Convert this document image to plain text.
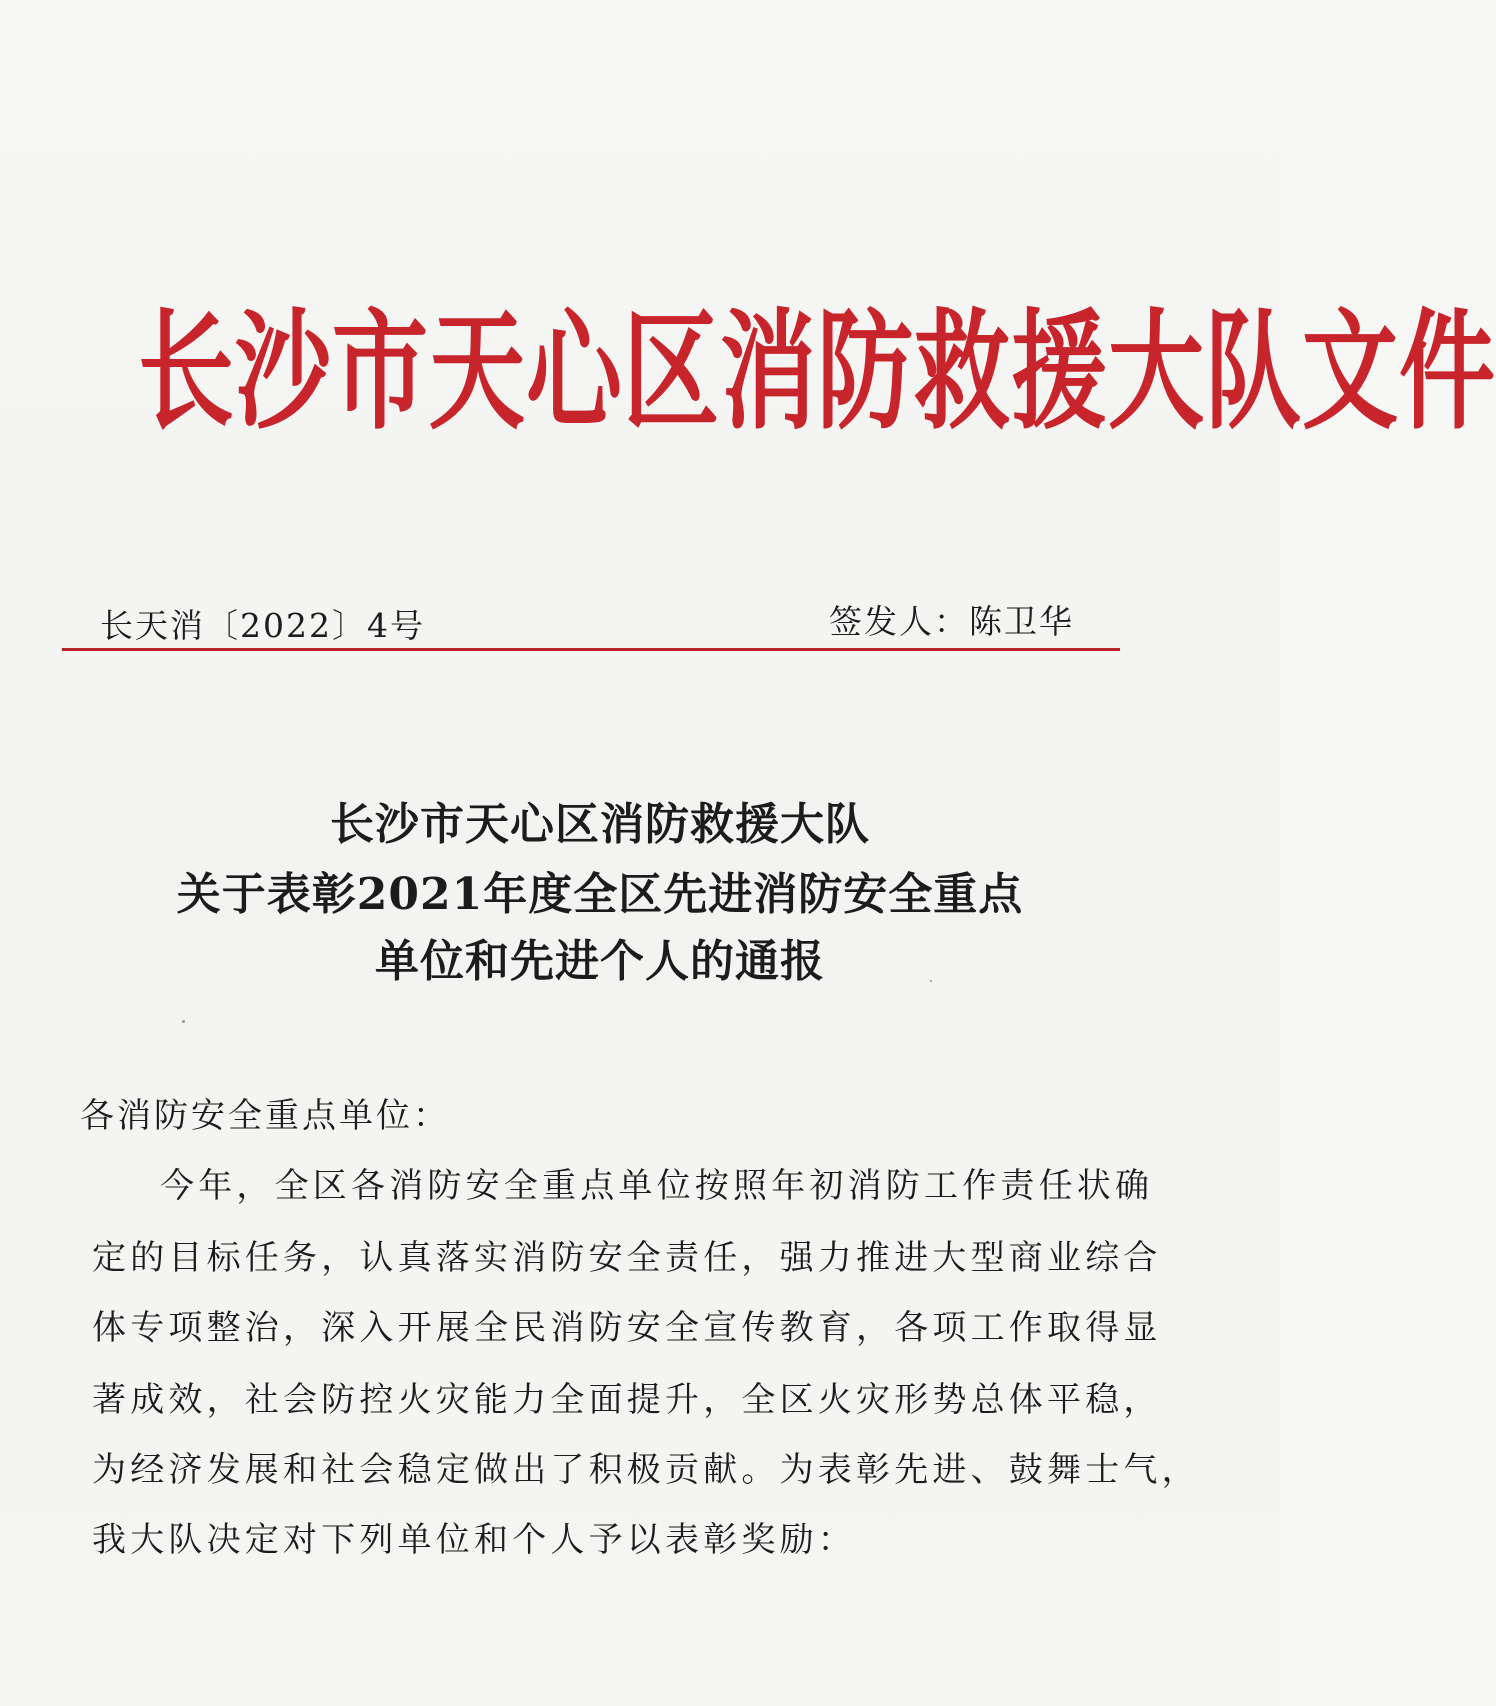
长沙市天心区消防救援大队文件
长天消〔2022〕4号	签发人：陈卫华
长沙市天心区消防救援大队
关于表彰2021年度全区先进消防安全重点
单位和先进个人的通报
各消防安全重点单位：
今年，全区各消防安全重点单位按照年初消防工作责任状确
定的目标任务，认真落实消防安全责任，强力推进大型商业综合
体专项整治，深入开展全民消防安全宣传教育，各项工作取得显
著成效，社会防控火灾能力全面提升，全区火灾形势总体平稳，
为经济发展和社会稳定做出了积极贡献。为表彰先进、鼓舞士气，
我大队决定对下列单位和个人予以表彰奖励：
